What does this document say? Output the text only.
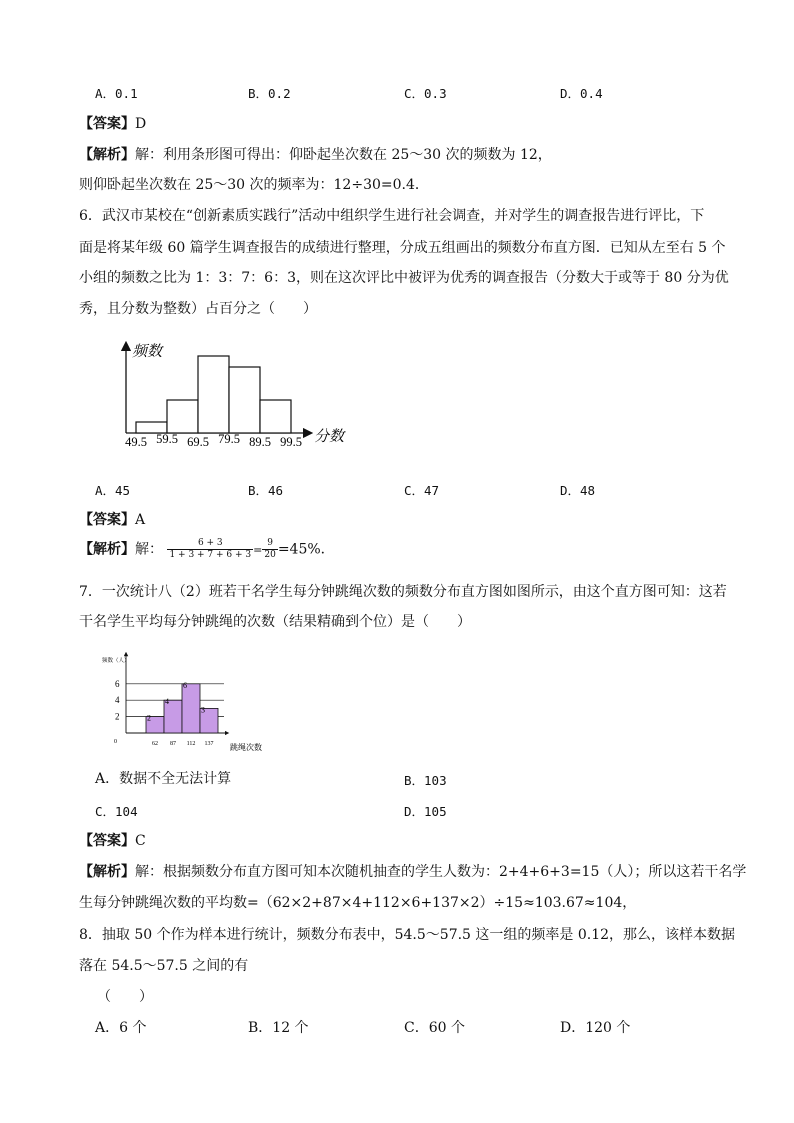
A．0.1	B．0.2	C．0.3	D．0.4
【答案】D
【解析】解：利用条形图可得出：仰卧起坐次数在 25～30 次的频数为 12，
则仰卧起坐次数在 25～30 次的频率为：12÷30=0.4．
6．武汉市某校在“创新素质实践行”活动中组织学生进行社会调查，并对学生的调查报告进行评比，下
面是将某年级 60 篇学生调查报告的成绩进行整理，分成五组画出的频数分布直方图．已知从左至右 5 个
小组的频数之比为 1：3：7：6：3，则在这次评比中被评为优秀的调查报告（分数大于或等于 80 分为优
秀，且分数为整数）占百分之（　　）
频数
分数
49.5 59.5 69.5 79.5 89.5 99.5
A．45	B．46	C．47	D．48
【答案】A
【解析】解： $\frac{6 + 3}{1 + 3 + 7 + 6 + 3} = \frac{9}{20} =45\%$．
7．一次统计八（2）班若干名学生每分钟跳绳次数的频数分布直方图如图所示，由这个直方图可知：这若
干名学生平均每分钟跳绳的次数（结果精确到个位）是（　　）
频数（人）
跳绳次数
2
4
6
3
0
2
4
6
62 87 112 137
A．数据不全无法计算	B．103
C．104	D．105
【答案】C
【解析】解：根据频数分布直方图可知本次随机抽查的学生人数为：2+4+6+3=15（人）；所以这若干名学
生每分钟跳绳次数的平均数=（62×2+87×4+112×6+137×2）÷15≈103.67≈104，
8．抽取 50 个作为样本进行统计，频数分布表中，54.5～57.5 这一组的频率是 0.12，那么，该样本数据
落在 54.5～57.5 之间的有
（　　）
A．6 个	B．12 个	C．60 个	D．120 个
